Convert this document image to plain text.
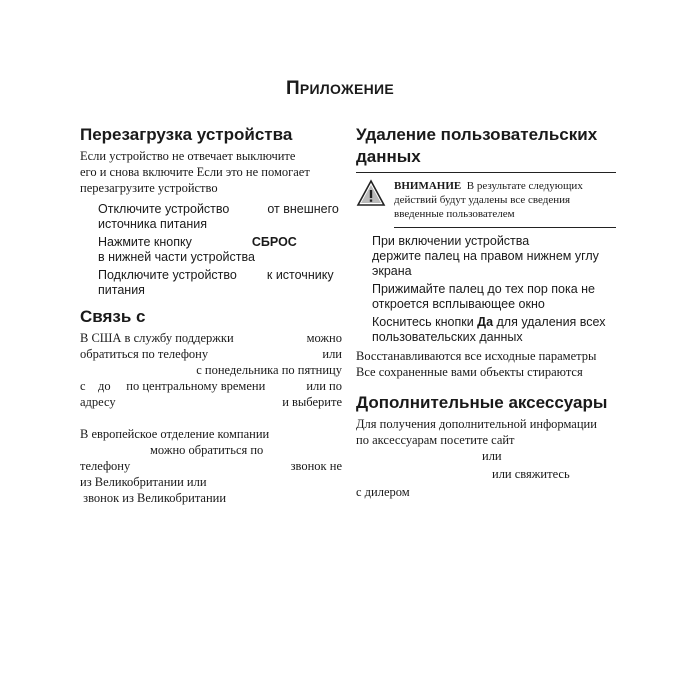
ПРИЛОЖЕНИЕ
Перезагрузка устройства

Если устройство не отвечает выключите

его и снова включите Если это не помогает

перезагрузите устройство

Отключите устройство	от внешнего
источника питания
Нажмите кнопку	СБРОС
в нижней части устройства
Подключите устройство к источнику
питания
Связь с

В США в службу поддержки	можно

обратиться по телефону	или

с понедельника по пятницу

с    до     по центральному времени	или по

адресу	и выберите

В европейское отделение компании

можно обратиться по

телефону	звонок не

из Великобритании или

звонок из Великобритании

Удаление пользовательских
данных
ВНИМАНИЕ В результате следующих
действий будут удалены все сведения
введенные пользователем
При включении устройства
держите палец на правом нижнем углу
экрана
Прижимайте палец до тех пор пока не
откроется всплывающее окно
Коснитесь кнопки Да для удаления всех
пользовательских данных

Восстанавливаются все исходные параметры

Все сохраненные вами объекты стираются

Дополнительные аксессуары

Для получения дополнительной информации

по аксессуарам посетите сайт

или

или свяжитесь

с дилером
